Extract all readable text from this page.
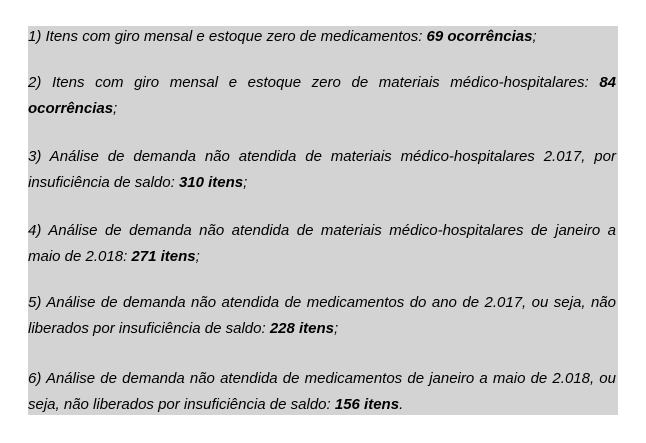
1) Itens com giro mensal e estoque zero de medicamentos: 69 ocorrências;
2) Itens com giro mensal e estoque zero de materiais médico-hospitalares: 84 ocorrências;
3) Análise de demanda não atendida de materiais médico-hospitalares 2.017, por insuficiência de saldo: 310 itens;
4) Análise de demanda não atendida de materiais médico-hospitalares de janeiro a maio de 2.018: 271 itens;
5) Análise de demanda não atendida de medicamentos do ano de 2.017, ou seja, não liberados por insuficiência de saldo: 228 itens;
6) Análise de demanda não atendida de medicamentos de janeiro a maio de 2.018, ou seja, não liberados por insuficiência de saldo: 156 itens.
